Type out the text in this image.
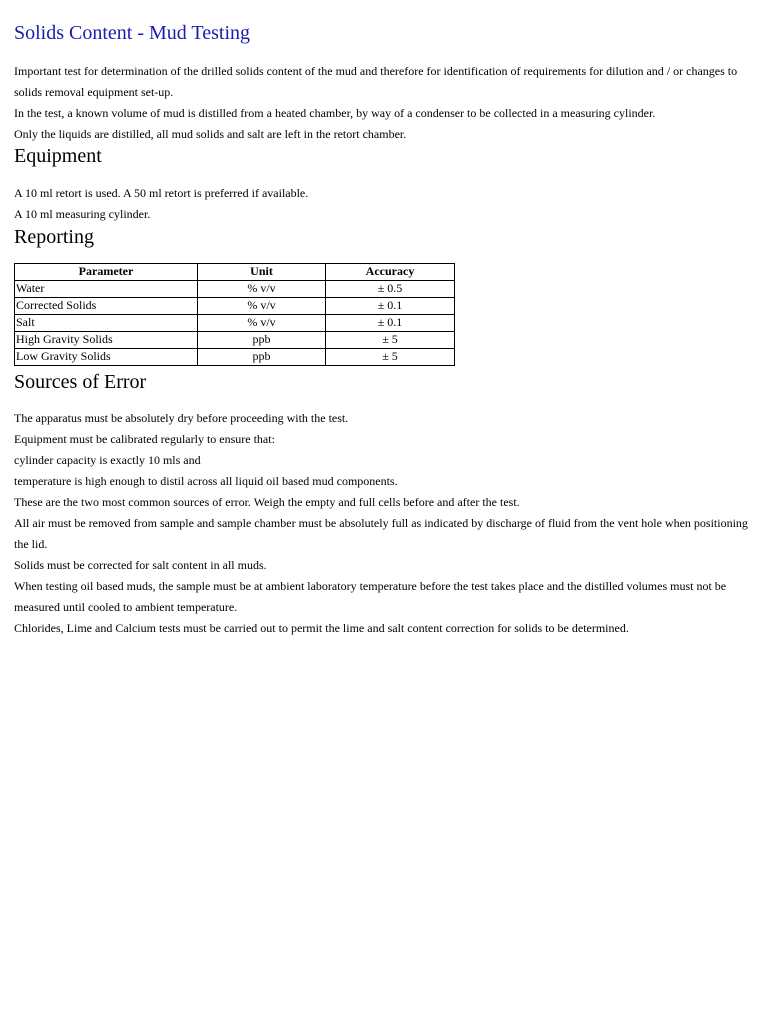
Solids Content - Mud Testing

Important test for determination of the drilled solids content of the mud and therefore for identification of requirements for dilution and / or changes to solids removal equipment set-up.

In the test, a known volume of mud is distilled from a heated chamber, by way of a condenser to be collected in a measuring cylinder.

Only the liquids are distilled, all mud solids and salt are left in the retort chamber.

Equipment

A 10 ml retort is used. A 50 ml retort is preferred if available.

A 10 ml measuring cylinder.

Reporting
Parameter	Unit	Accuracy
Water	% v/v	± 0.5
Corrected Solids	% v/v	± 0.1
Salt	% v/v	± 0.1
High Gravity Solids	ppb	± 5
Low Gravity Solids	ppb	± 5
Sources of Error

The apparatus must be absolutely dry before proceeding with the test.

Equipment must be calibrated regularly to ensure that:

cylinder capacity is exactly 10 mls and

temperature is high enough to distil across all liquid oil based mud components.

These are the two most common sources of error. Weigh the empty and full cells before and after the test.

All air must be removed from sample and sample chamber must be absolutely full as indicated by discharge of fluid from the vent hole when positioning the lid.

Solids must be corrected for salt content in all muds.

When testing oil based muds, the sample must be at ambient laboratory temperature before the test takes place and the distilled volumes must not be measured until cooled to ambient temperature.

Chlorides, Lime and Calcium tests must be carried out to permit the lime and salt content correction for solids to be determined.
